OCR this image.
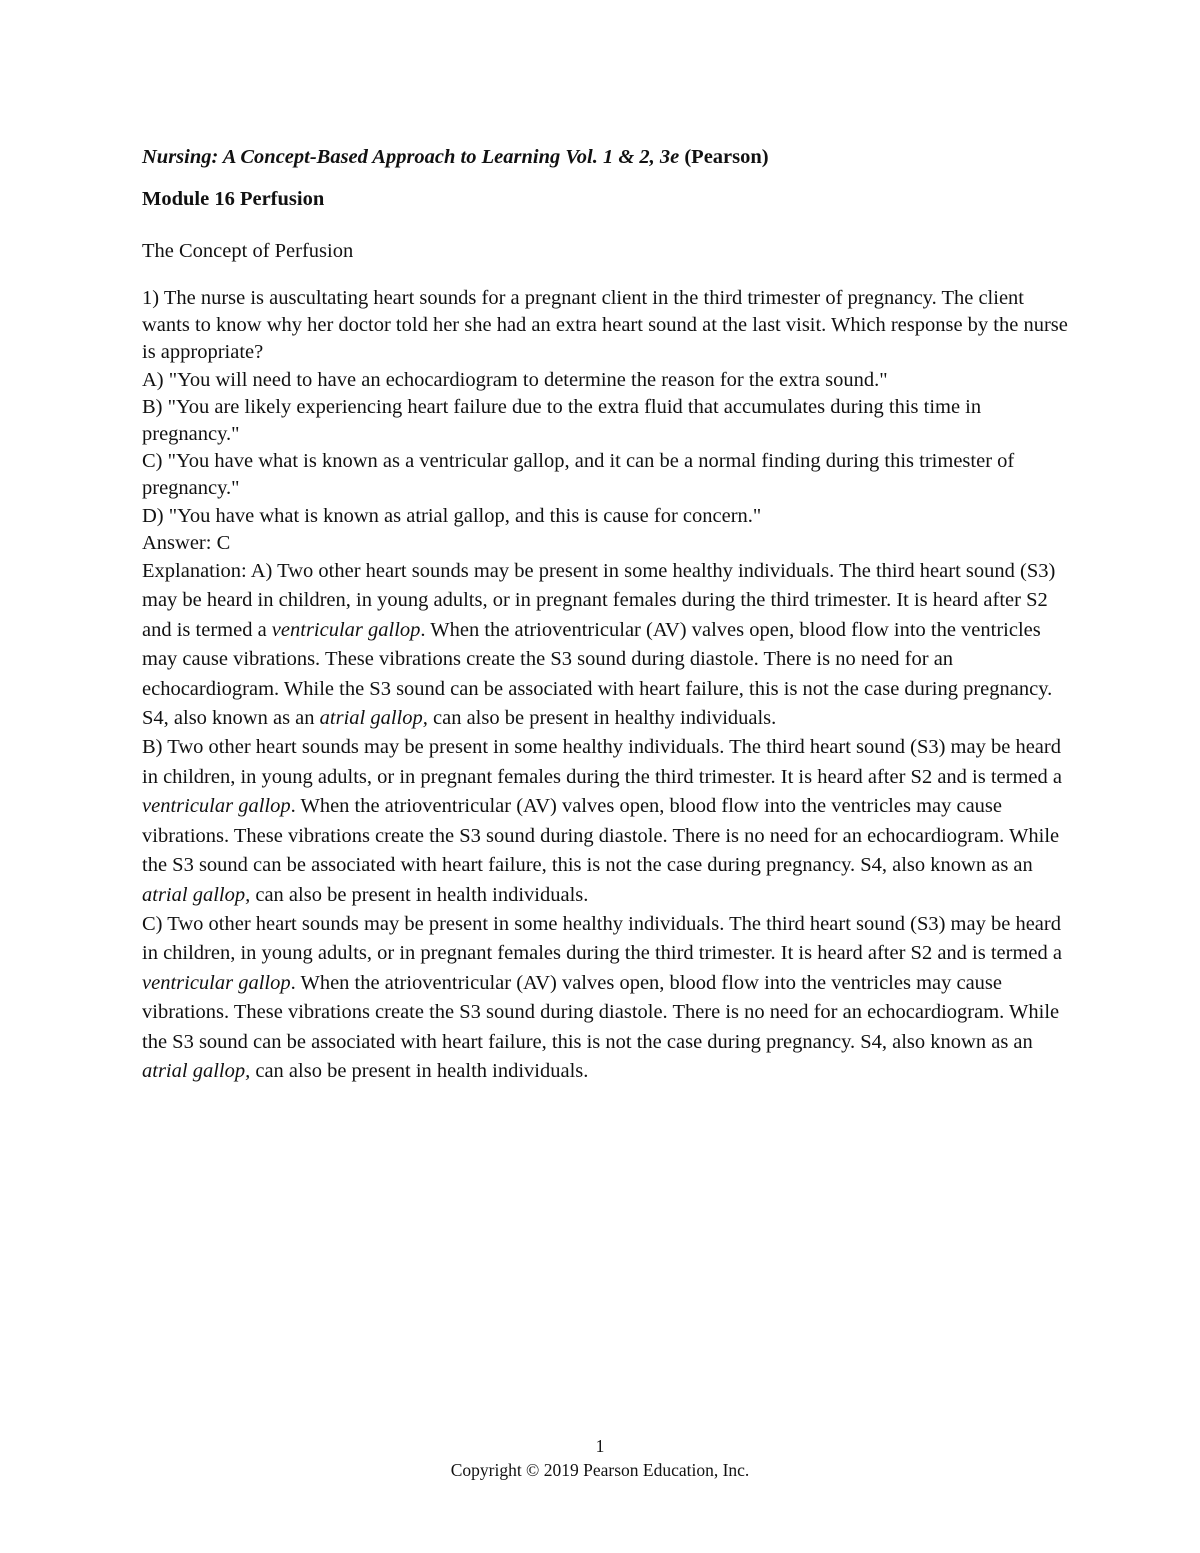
Nursing: A Concept-Based Approach to Learning Vol. 1 & 2, 3e (Pearson)

Module 16 Perfusion

The Concept of Perfusion

1) The nurse is auscultating heart sounds for a pregnant client in the third trimester of pregnancy. The client wants to know why her doctor told her she had an extra heart sound at the last visit. Which response by the nurse is appropriate?

A) "You will need to have an echocardiogram to determine the reason for the extra sound."

B) "You are likely experiencing heart failure due to the extra fluid that accumulates during this time in pregnancy."

C) "You have what is known as a ventricular gallop, and it can be a normal finding during this trimester of pregnancy."

D) "You have what is known as atrial gallop, and this is cause for concern."

Answer: C

Explanation: A) Two other heart sounds may be present in some healthy individuals. The third heart sound (S3) may be heard in children, in young adults, or in pregnant females during the third trimester. It is heard after S2 and is termed a ventricular gallop. When the atrioventricular (AV) valves open, blood flow into the ventricles may cause vibrations. These vibrations create the S3 sound during diastole. There is no need for an echocardiogram. While the S3 sound can be associated with heart failure, this is not the case during pregnancy. S4, also known as an atrial gallop, can also be present in healthy individuals.

B) Two other heart sounds may be present in some healthy individuals. The third heart sound (S3) may be heard in children, in young adults, or in pregnant females during the third trimester. It is heard after S2 and is termed a ventricular gallop. When the atrioventricular (AV) valves open, blood flow into the ventricles may cause vibrations. These vibrations create the S3 sound during diastole. There is no need for an echocardiogram. While the S3 sound can be associated with heart failure, this is not the case during pregnancy. S4, also known as an atrial gallop, can also be present in health individuals.

C) Two other heart sounds may be present in some healthy individuals. The third heart sound (S3) may be heard in children, in young adults, or in pregnant females during the third trimester. It is heard after S2 and is termed a ventricular gallop. When the atrioventricular (AV) valves open, blood flow into the ventricles may cause vibrations. These vibrations create the S3 sound during diastole. There is no need for an echocardiogram. While the S3 sound can be associated with heart failure, this is not the case during pregnancy. S4, also known as an atrial gallop, can also be present in health individuals.

1
Copyright © 2019 Pearson Education, Inc.
